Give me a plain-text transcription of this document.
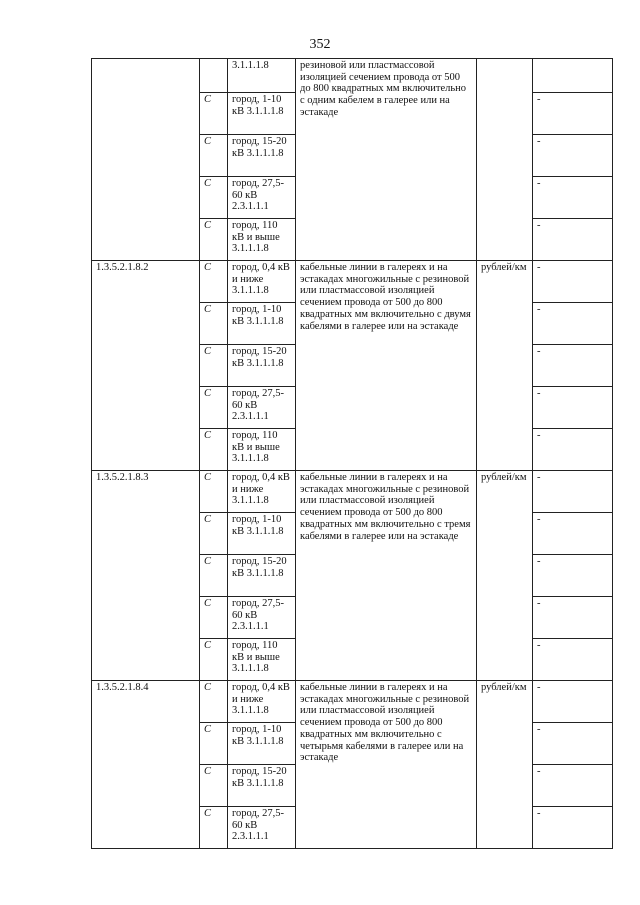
352
		3.1.1.1.8	резиновой или пластмассовой изоляцией сечением провода от 500 до 800 квадратных мм включительно с одним кабелем в галерее или на эстакаде		
	С	город, 1-10 кВ 3.1.1.1.8			-
	С	город, 15-20 кВ 3.1.1.1.8			-
	С	город, 27,5-60 кВ 2.3.1.1.1			-
	С	город, 110 кВ и выше 3.1.1.1.8			-
1.3.5.2.1.8.2	С	город, 0,4 кВ и ниже 3.1.1.1.8	кабельные линии в галереях и на эстакадах многожильные с резиновой или пластмассовой изоляцией сечением провода от 500 до 800 квадратных мм включительно с двумя кабелями в галерее или на эстакаде	рублей/км	-
	С	город, 1-10 кВ 3.1.1.1.8			-
	С	город, 15-20 кВ 3.1.1.1.8			-
	С	город, 27,5-60 кВ 2.3.1.1.1			-
	С	город, 110 кВ и выше 3.1.1.1.8			-
1.3.5.2.1.8.3	С	город, 0,4 кВ и ниже 3.1.1.1.8	кабельные линии в галереях и на эстакадах многожильные с резиновой или пластмассовой изоляцией сечением провода от 500 до 800 квадратных мм включительно с тремя кабелями в галерее или на эстакаде	рублей/км	-
	С	город, 1-10 кВ 3.1.1.1.8			-
	С	город, 15-20 кВ 3.1.1.1.8			-
	С	город, 27,5-60 кВ 2.3.1.1.1			-
	С	город, 110 кВ и выше 3.1.1.1.8			-
1.3.5.2.1.8.4	С	город, 0,4 кВ и ниже 3.1.1.1.8	кабельные линии в галереях и на эстакадах многожильные с резиновой или пластмассовой изоляцией сечением провода от 500 до 800 квадратных мм включительно с четырьмя кабелями в галерее или на эстакаде	рублей/км	-
	С	город, 1-10 кВ 3.1.1.1.8			-
	С	город, 15-20 кВ 3.1.1.1.8			-
	С	город, 27,5-60 кВ 2.3.1.1.1			-
